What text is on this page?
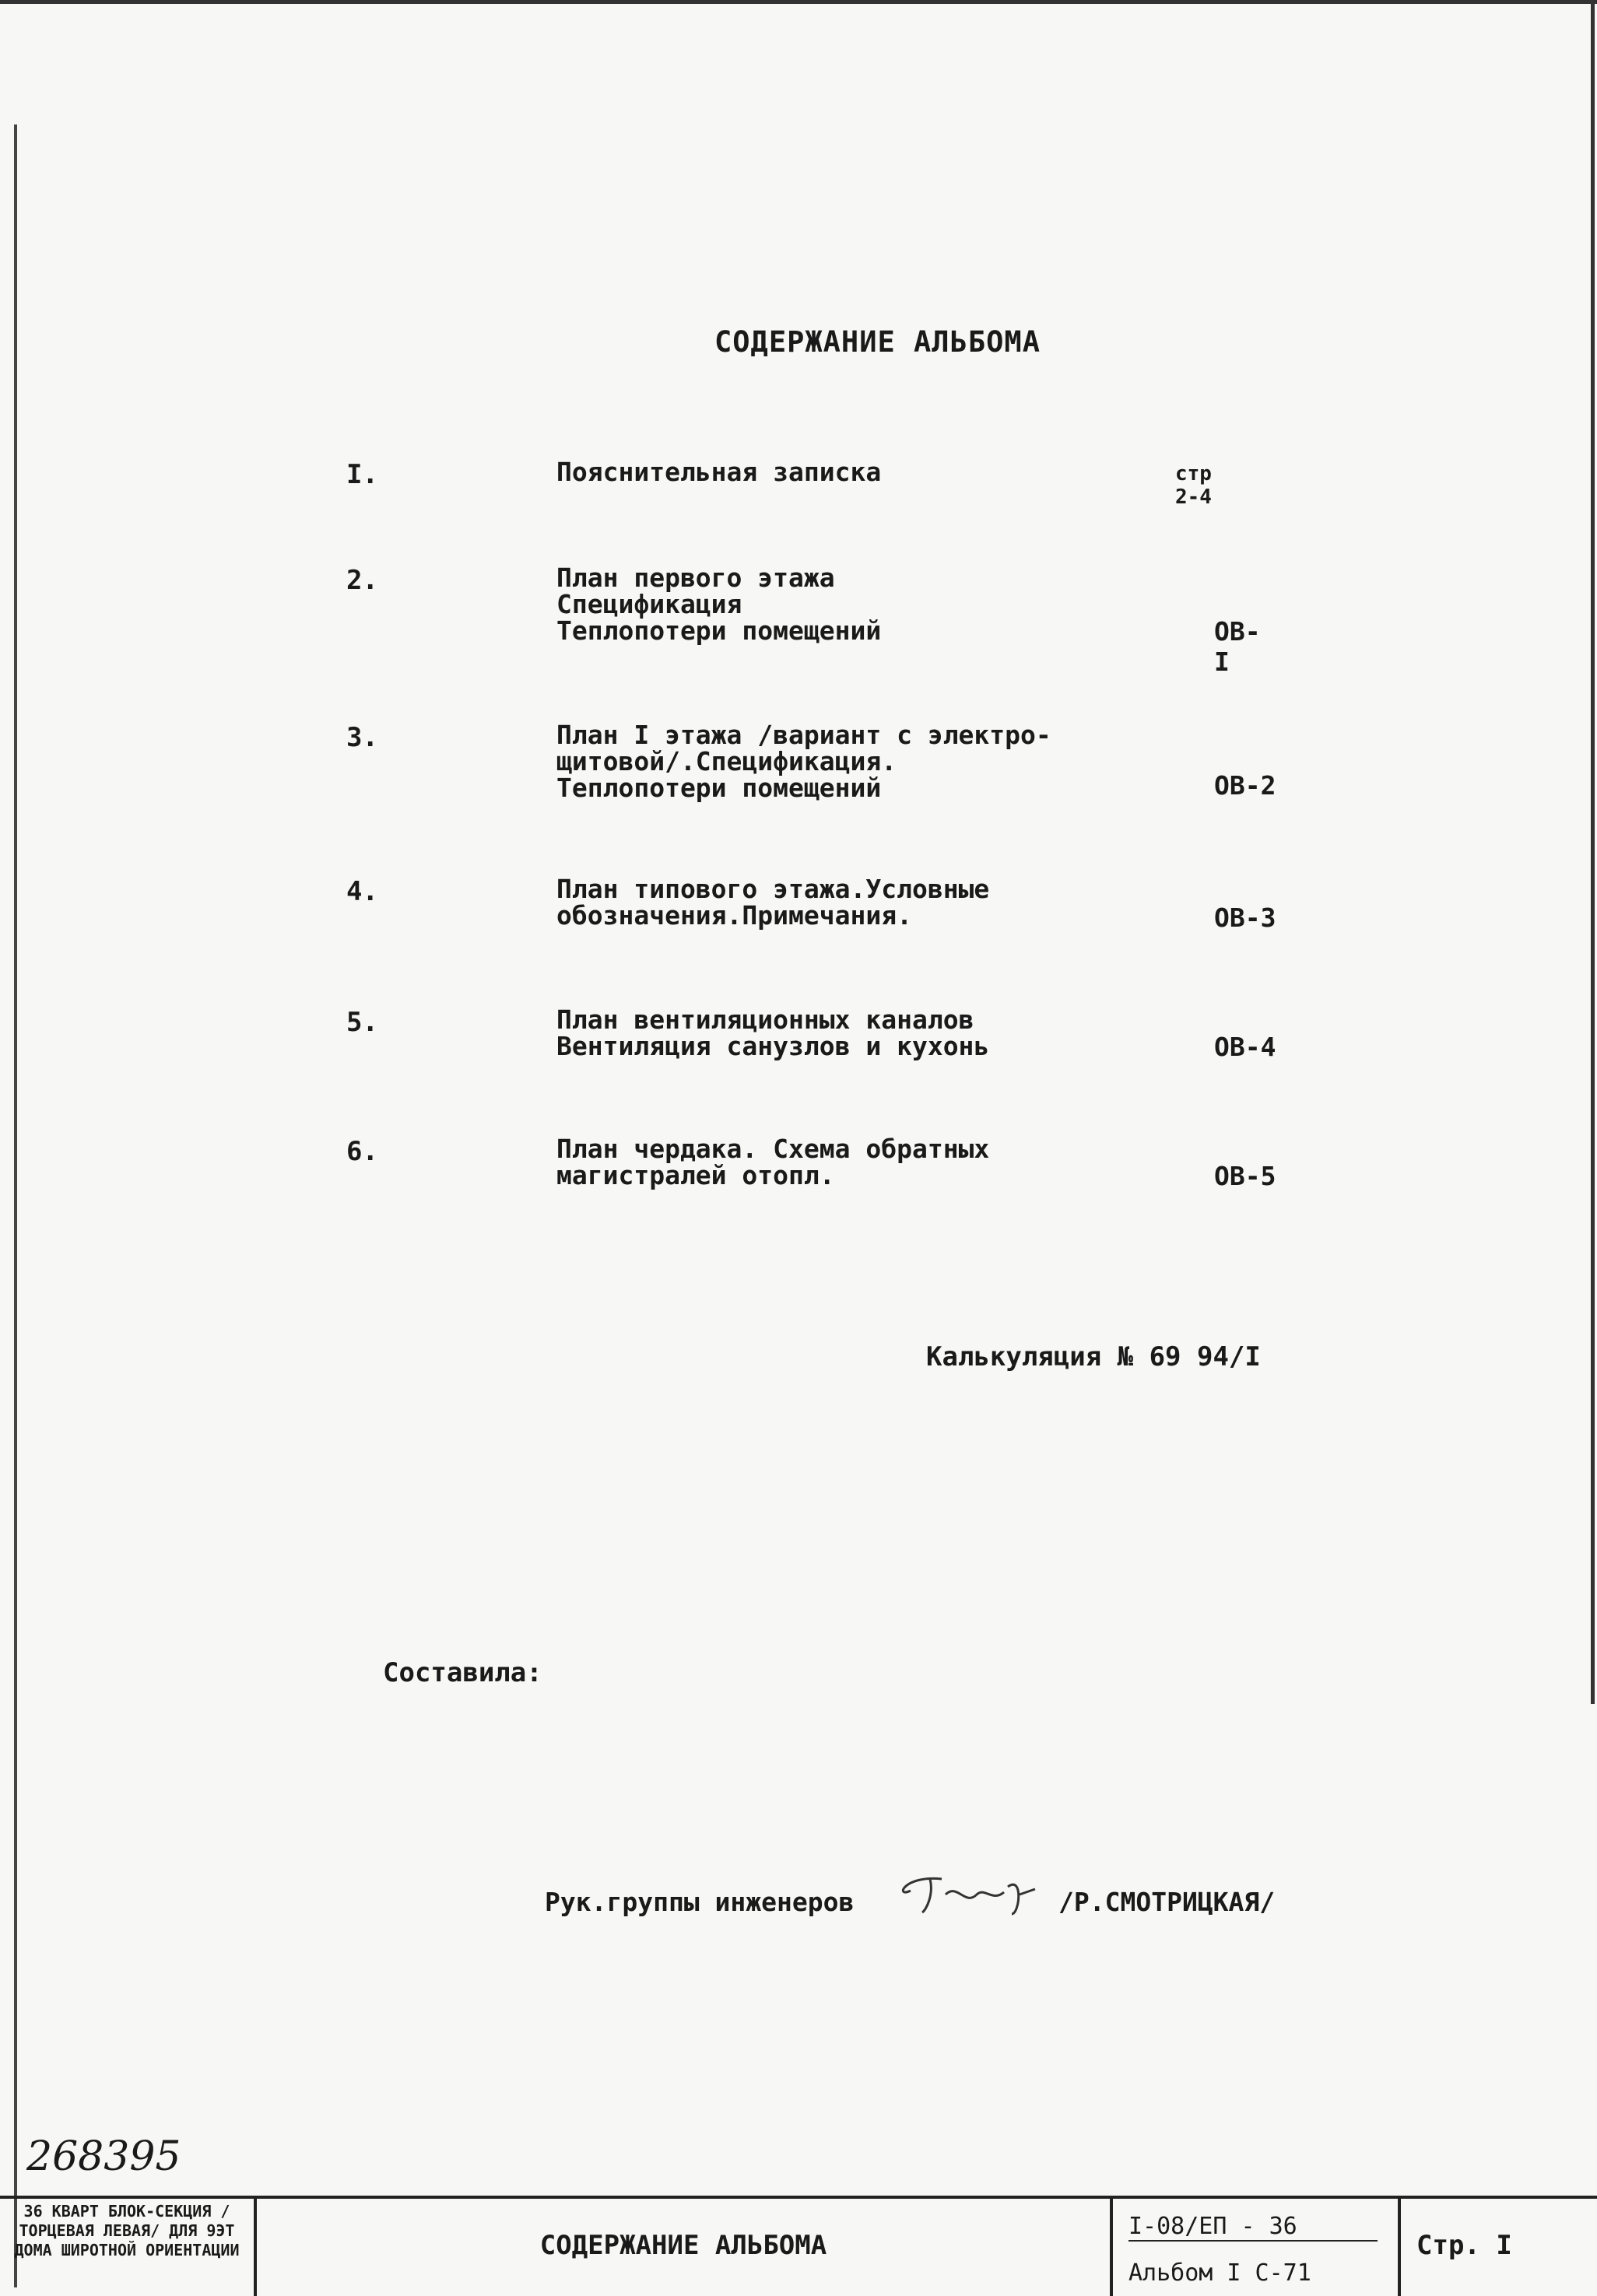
СОДЕРЖАНИЕ АЛЬБОМА
I.	Пояснительная записка	стр 2-4
2.	План первого этажа
Спецификация
Теплопотери помещений	ОВ-I
3.	План I этажа /вариант с электро-
щитовой/.Спецификация.
Теплопотери помещений	ОВ-2
4.	План типового этажа.Условные
обозначения.Примечания.	ОВ-3
5.	План вентиляционных каналов
Вентиляция санузлов и кухонь	ОВ-4
6.	План чердака. Схема обратных
магистралей отопл.	ОВ-5
Калькуляция № 69 94/I
Составила:
Рук.группы инженеров	/Р.СМОТРИЦКАЯ/
268395
36 КВАРТ БЛОК-СЕКЦИЯ /ТОРЦЕВАЯ ЛЕВАЯ/ ДЛЯ 9ЭТ ДОМА ШИРОТНОЙ ОРИЕНТАЦИИ	СОДЕРЖАНИЕ АЛЬБОМА
I-08/ЕП - 36
Альбом I С-71
Стр. I
